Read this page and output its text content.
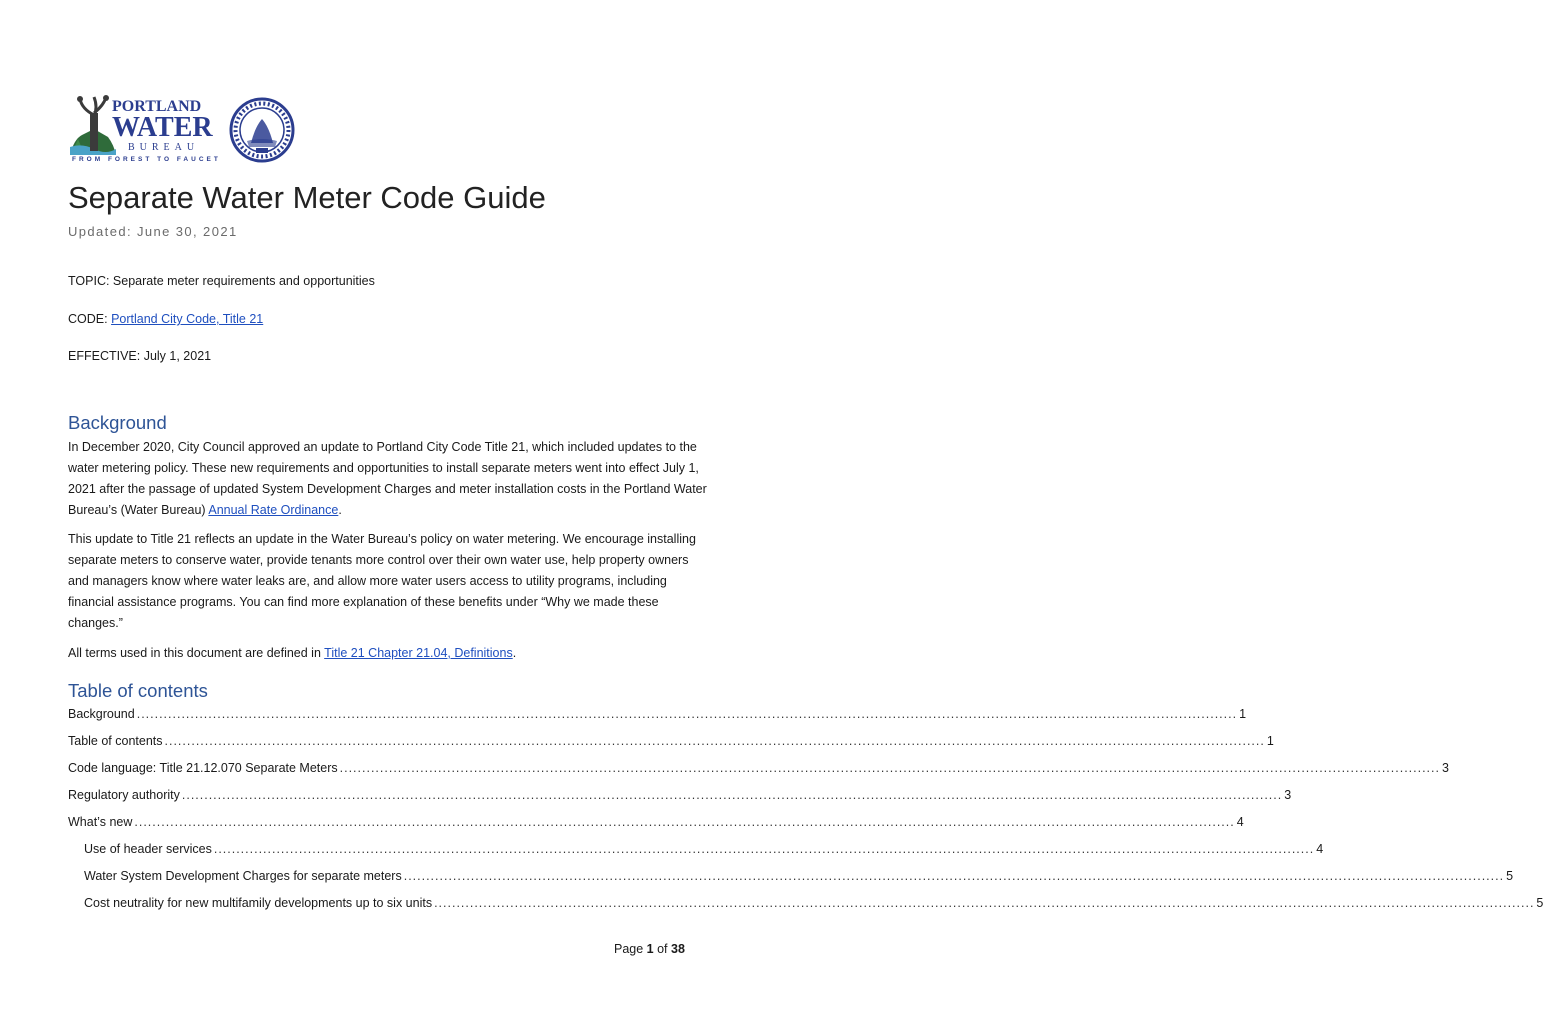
PORTLAND
WATER
BUREAU
FROM FOREST TO FAUCET
Separate Water Meter Code Guide
Updated: June 30, 2021
TOPIC: Separate meter requirements and opportunities
CODE: Portland City Code, Title 21
EFFECTIVE: July 1, 2021
Background
In December 2020, City Council approved an update to Portland City Code Title 21, which included updates to the water metering policy. These new requirements and opportunities to install separate meters went into effect July 1, 2021 after the passage of updated System Development Charges and meter installation costs in the Portland Water Bureau’s (Water Bureau) Annual Rate Ordinance.
This update to Title 21 reflects an update in the Water Bureau’s policy on water metering. We encourage installing separate meters to conserve water, provide tenants more control over their own water use, help property owners and managers know where water leaks are, and allow more water users access to utility programs, including financial assistance programs. You can find more explanation of these benefits under “Why we made these changes.”
All terms used in this document are defined in Title 21 Chapter 21.04, Definitions.
Table of contents
Background ...................................................................................................................................................................................................................................................... 1
Table of contents ...................................................................................................................................................................................................................................................... 1
Code language: Title 21.12.070 Separate Meters ...................................................................................................................................................................................................................................................... 3
Regulatory authority ...................................................................................................................................................................................................................................................... 3
What’s new ...................................................................................................................................................................................................................................................... 4
Use of header services ...................................................................................................................................................................................................................................................... 4
Water System Development Charges for separate meters ...................................................................................................................................................................................................................................................... 5
Cost neutrality for new multifamily developments up to six units ...................................................................................................................................................................................................................................................... 5
Page 1 of 38
